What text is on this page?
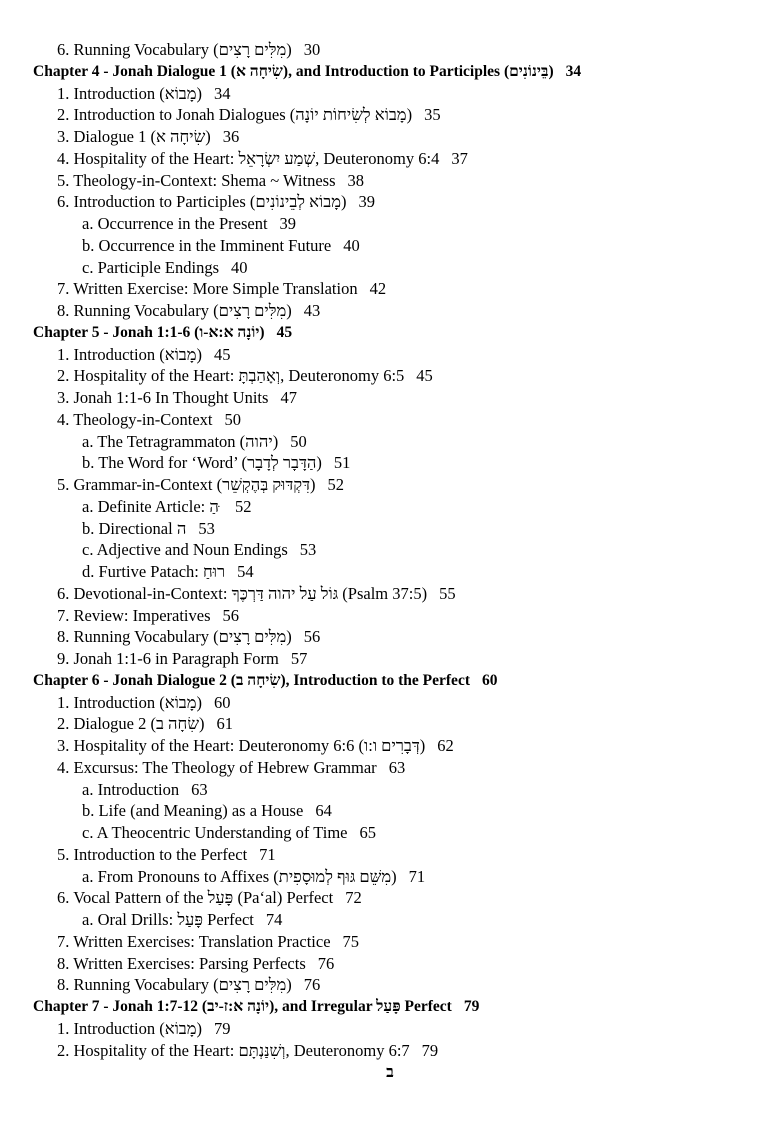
6. Running Vocabulary (מִלִּים רָצִים) 30
Chapter 4 - Jonah Dialogue 1 (שִׂיחָה א), and Introduction to Participles (בֵּינוֹנִים) 34
1. Introduction (מָבוֹא) 34
2. Introduction to Jonah Dialogues (מָבוֹא לְשִׂיחוֹת יוֹנָה) 35
3. Dialogue 1 (שִׂיחָה א) 36
4. Hospitality of the Heart: שְׁמַע יִשְׂרָאֵל, Deuteronomy 6:4 37
5. Theology-in-Context: Shema ~ Witness 38
6. Introduction to Participles (מָבוֹא לְבֵינוֹנִים) 39
a. Occurrence in the Present 39
b. Occurrence in the Imminent Future 40
c. Participle Endings 40
7. Written Exercise: More Simple Translation 42
8. Running Vocabulary (מִלִּים רָצִים) 43
Chapter 5 - Jonah 1:1-6 (יוֹנָה א:א-ו) 45
1. Introduction (מָבוֹא) 45
2. Hospitality of the Heart: וְאָהַבְתָּ, Deuteronomy 6:5 45
3. Jonah 1:1-6 In Thought Units 47
4. Theology-in-Context 50
a. The Tetragrammaton (יהוה) 50
b. The Word for ‘Word’ (הַדָּבָר לְדָבָר) 51
5. Grammar-in-Context (דִּקְדּוּק בְּהֶקְשֵׁר) 52
a. Definite Article: הַ ּ 52
b. Directional ה 53
c. Adjective and Noun Endings 53
d. Furtive Patach: רוּחַ 54
6. Devotional-in-Context: גּוֹל עַל יהוה דַּרְכֶּךָ (Psalm 37:5) 55
7. Review: Imperatives 56
8. Running Vocabulary (מִלִּים רָצִים) 56
9. Jonah 1:1-6 in Paragraph Form 57
Chapter 6 - Jonah Dialogue 2 (שִׂיחָה ב), Introduction to the Perfect 60
1. Introduction (מָבוֹא) 60
2. Dialogue 2 (שִׂחָה ב) 61
3. Hospitality of the Heart: Deuteronomy 6:6 (דְּבָרִים ו:ו) 62
4. Excursus: The Theology of Hebrew Grammar 63
a. Introduction 63
b. Life (and Meaning) as a House 64
c. A Theocentric Understanding of Time 65
5. Introduction to the Perfect 71
a. From Pronouns to Affixes (מִשֵּׁם גּוּף לְמוּסָפִית) 71
6. Vocal Pattern of the פָּעַל (Pa‘al) Perfect 72
a. Oral Drills: פָּעַל Perfect 74
7. Written Exercises: Translation Practice 75
8. Written Exercises: Parsing Perfects 76
8. Running Vocabulary (מִלִּים רָצִים) 76
Chapter 7 - Jonah 1:7-12 (יוֹנָה א:ז-יב), and Irregular פָּעַל Perfect 79
1. Introduction (מָבוֹא) 79
2. Hospitality of the Heart: וְשִׁנַּנְתָּם, Deuteronomy 6:7 79
ב
